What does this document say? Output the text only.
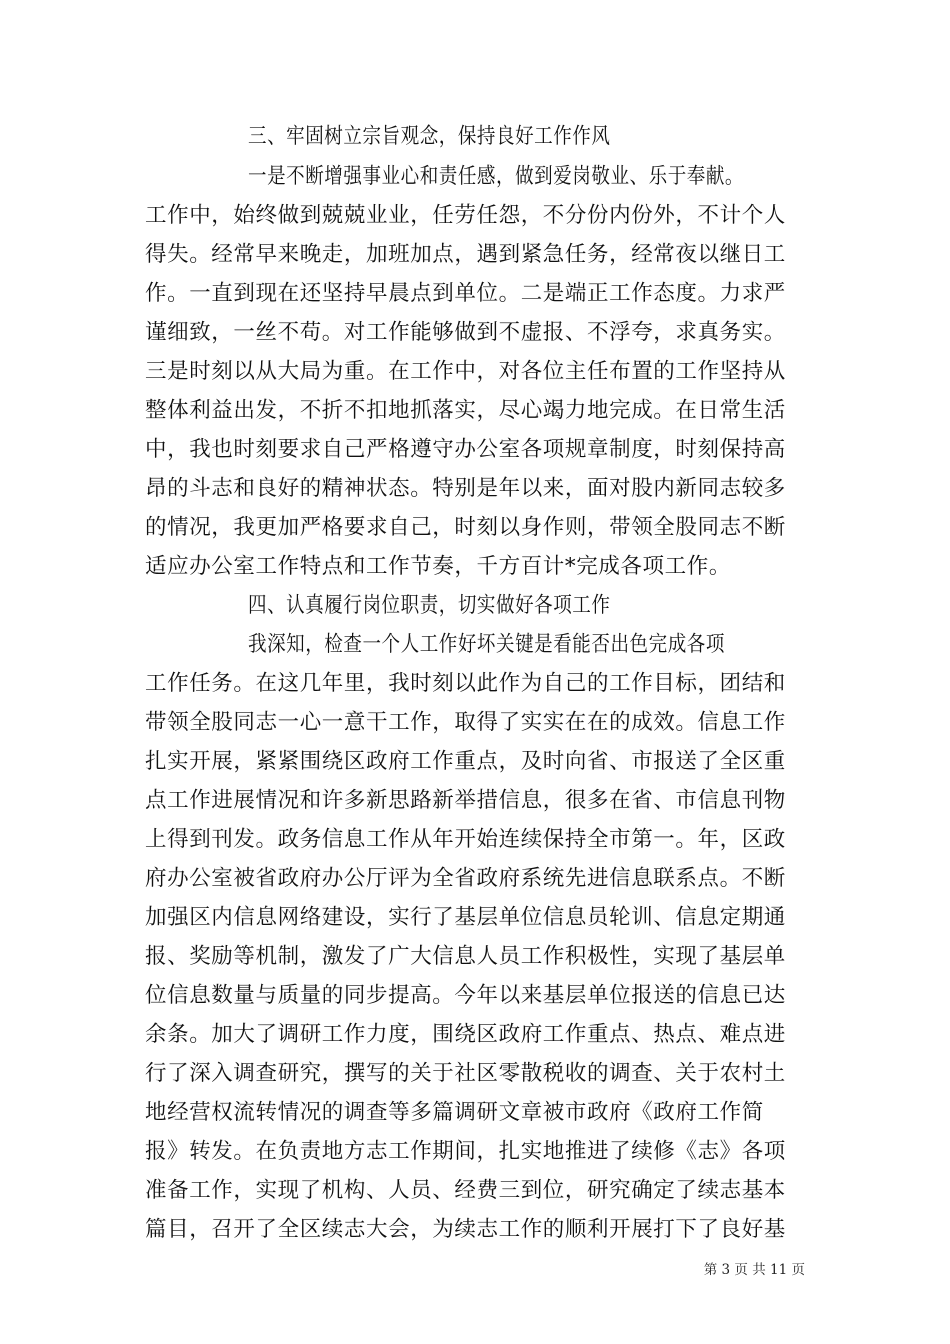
三、牢固树立宗旨观念，保持良好工作作风
一是不断增强事业心和责任感，做到爱岗敬业、乐于奉献。
工作中，始终做到兢兢业业，任劳任怨，不分份内份外，不计个人
得失。经常早来晚走，加班加点，遇到紧急任务，经常夜以继日工
作。一直到现在还坚持早晨点到单位。二是端正工作态度。力求严
谨细致，一丝不苟。对工作能够做到不虚报、不浮夸，求真务实。
三是时刻以从大局为重。在工作中，对各位主任布置的工作坚持从
整体利益出发，不折不扣地抓落实，尽心竭力地完成。在日常生活
中，我也时刻要求自己严格遵守办公室各项规章制度，时刻保持高
昂的斗志和良好的精神状态。特别是年以来，面对股内新同志较多
的情况，我更加严格要求自己，时刻以身作则，带领全股同志不断
适应办公室工作特点和工作节奏，千方百计*完成各项工作。
四、认真履行岗位职责，切实做好各项工作
我深知，检查一个人工作好坏关键是看能否出色完成各项
工作任务。在这几年里，我时刻以此作为自己的工作目标，团结和
带领全股同志一心一意干工作，取得了实实在在的成效。信息工作
扎实开展，紧紧围绕区政府工作重点，及时向省、市报送了全区重
点工作进展情况和许多新思路新举措信息，很多在省、市信息刊物
上得到刊发。政务信息工作从年开始连续保持全市第一。年，区政
府办公室被省政府办公厅评为全省政府系统先进信息联系点。不断
加强区内信息网络建设，实行了基层单位信息员轮训、信息定期通
报、奖励等机制，激发了广大信息人员工作积极性，实现了基层单
位信息数量与质量的同步提高。今年以来基层单位报送的信息已达
余条。加大了调研工作力度，围绕区政府工作重点、热点、难点进
行了深入调查研究，撰写的关于社区零散税收的调查、关于农村土
地经营权流转情况的调查等多篇调研文章被市政府《政府工作简
报》转发。在负责地方志工作期间，扎实地推进了续修《志》各项
准备工作，实现了机构、人员、经费三到位，研究确定了续志基本
篇目，召开了全区续志大会，为续志工作的顺利开展打下了良好基
第 3 页 共 11 页
